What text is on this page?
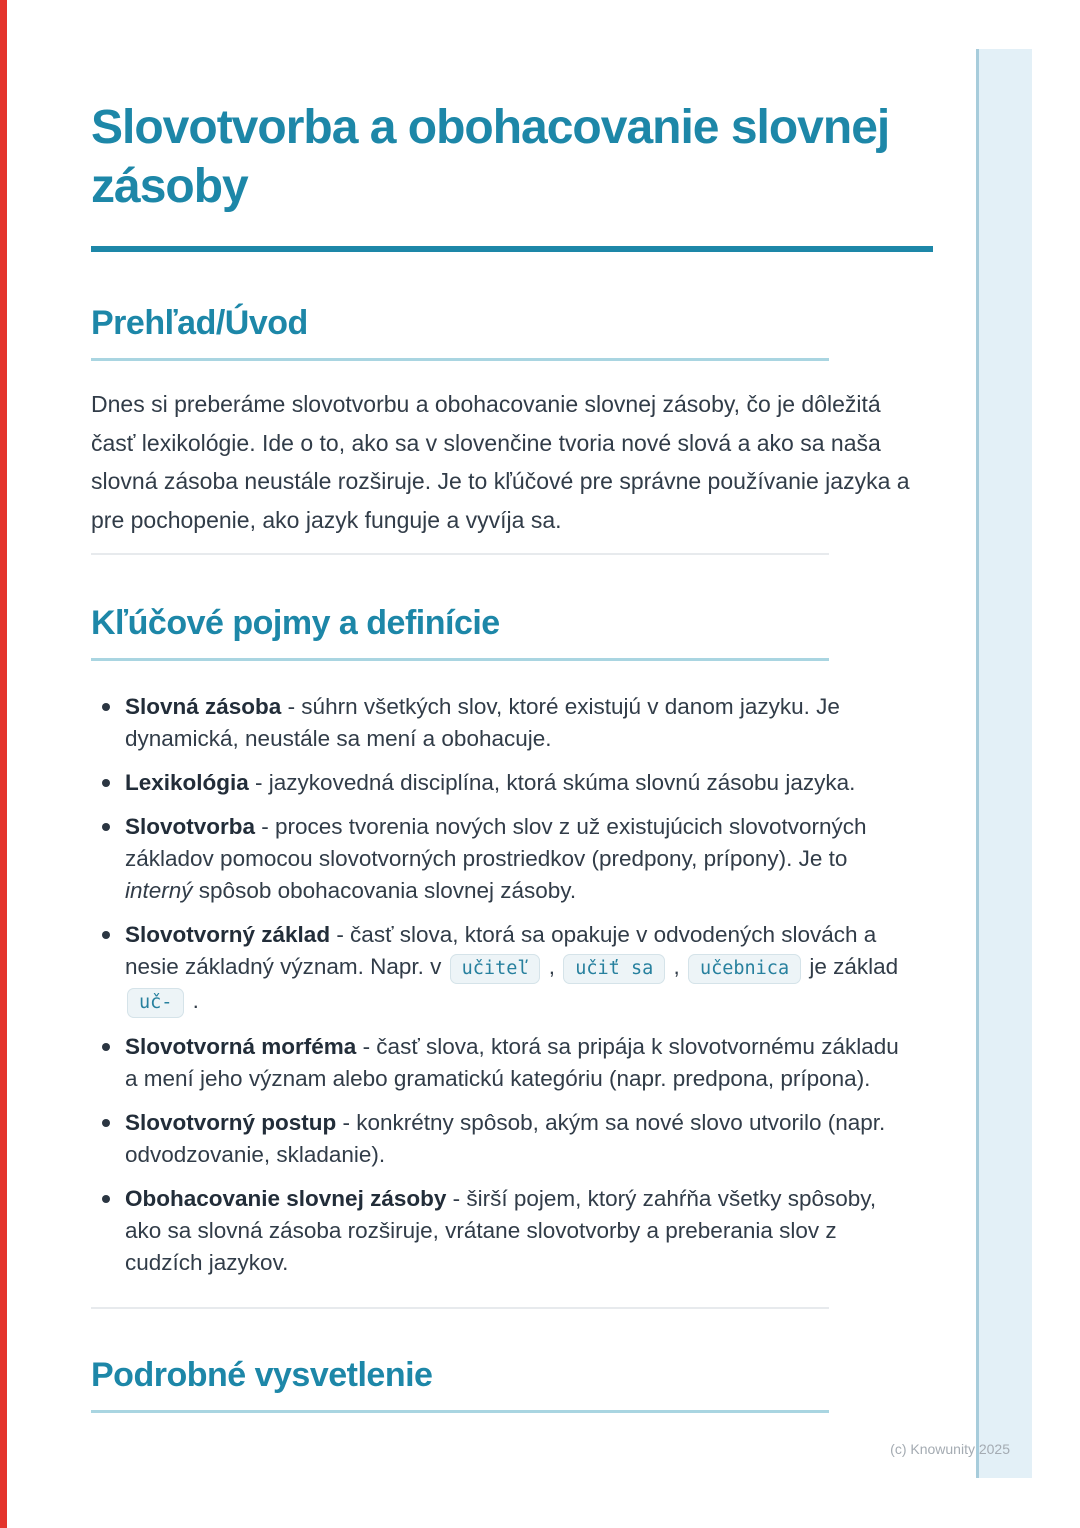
Slovotvorba a obohacovanie slovnej zásoby
Prehľad/Úvod

Dnes si preberáme slovotvorbu a obohacovanie slovnej zásoby, čo je dôležitá časť lexikológie. Ide o to, ako sa v slovenčine tvoria nové slová a ako sa naša slovná zásoba neustále rozširuje. Je to kľúčové pre správne používanie jazyka a pre pochopenie, ako jazyk funguje a vyvíja sa.

Kľúčové pojmy a definície
Slovná zásoba - súhrn všetkých slov, ktoré existujú v danom jazyku. Je dynamická, neustále sa mení a obohacuje.
Lexikológia - jazykovedná disciplína, ktorá skúma slovnú zásobu jazyka.
Slovotvorba - proces tvorenia nových slov z už existujúcich slovotvorných základov pomocou slovotvorných prostriedkov (predpony, prípony). Je to interný spôsob obohacovania slovnej zásoby.
Slovotvorný základ - časť slova, ktorá sa opakuje v odvodených slovách a nesie základný význam. Napr. v učiteľ , učiť sa , učebnica je základ uč- .
Slovotvorná morféma - časť slova, ktorá sa pripája k slovotvornému základu a mení jeho význam alebo gramatickú kategóriu (napr. predpona, prípona).
Slovotvorný postup - konkrétny spôsob, akým sa nové slovo utvorilo (napr. odvodzovanie, skladanie).
Obohacovanie slovnej zásoby - širší pojem, ktorý zahŕňa všetky spôsoby, ako sa slovná zásoba rozširuje, vrátane slovotvorby a preberania slov z cudzích jazykov.
Podrobné vysvetlenie
(c) Knowunity 2025
